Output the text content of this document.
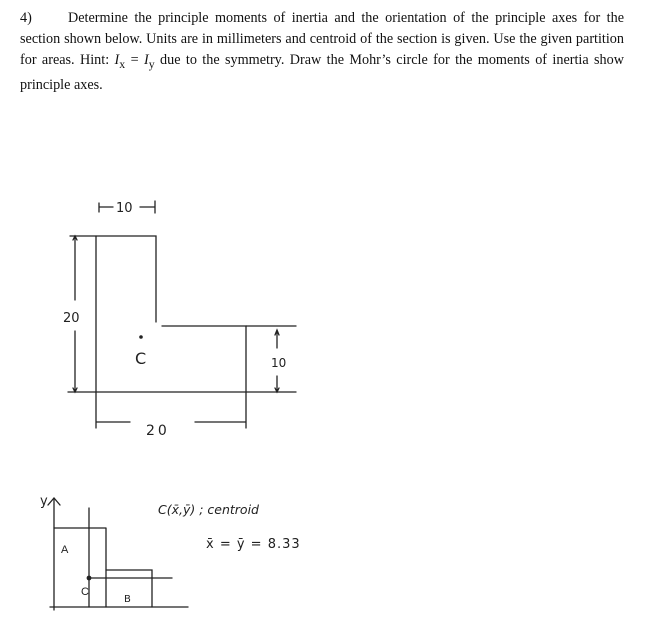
4)	Determine the principle moments of inertia and the orientation of the principle axes for the section shown below. Units are in millimeters and centroid of the section is given. Use the given partition for areas. Hint: $I_x = I_y$ due to the symmetry. Draw the Mohr’s circle for the moments of inertia show principle axes.
10
20
10
20
C
y
A
C
B
C(x̄,ȳ) ; centroid
x̄ = ȳ = 8.33
